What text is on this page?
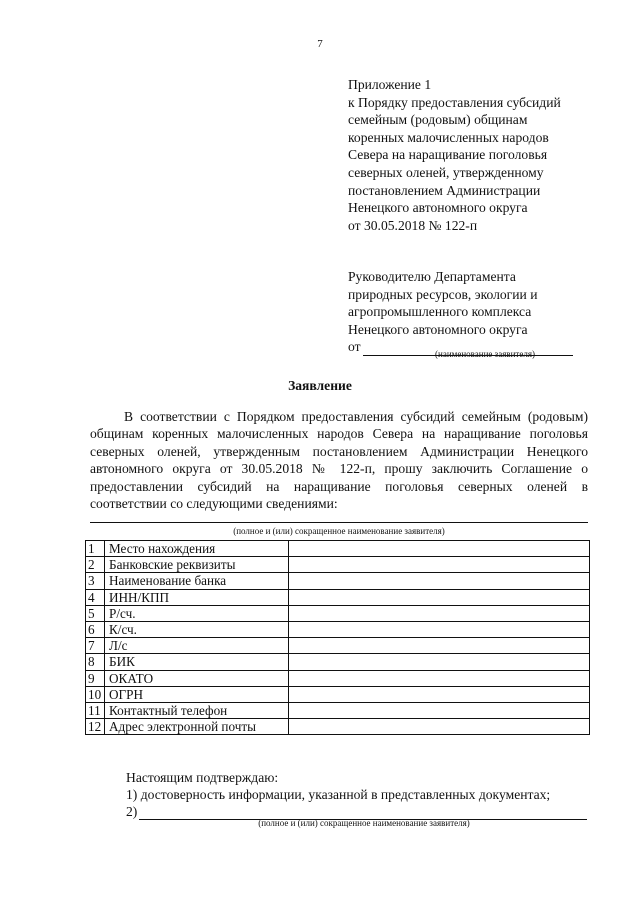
7
Приложение 1
к Порядку предоставления субсидий
семейным (родовым) общинам
коренных малочисленных народов
Севера на наращивание поголовья
северных оленей, утвержденному
постановлением Администрации
Ненецкого автономного округа
от 30.05.2018 № 122-п
Руководителю Департамента
природных ресурсов, экологии и
агропромышленного комплекса
Ненецкого автономного округа
от	(наименование заявителя)
Заявление
В соответствии с Порядком предоставления субсидий семейным (родовым) общинам коренных малочисленных народов Севера на наращивание поголовья северных оленей, утвержденным постановлением Администрации Ненецкого автономного округа от 30.05.2018 № 122-п, прошу заключить Соглашение о предоставлении субсидий на наращивание поголовья северных оленей в соответствии со следующими сведениями:
(полное и (или) сокращенное наименование заявителя)
1	Место нахождения	
2	Банковские реквизиты	
3	Наименование банка	
4	ИНН/КПП	
5	Р/сч.	
6	К/сч.	
7	Л/с	
8	БИК	
9	ОКАТО	
10	ОГРН	
11	Контактный телефон	
12	Адрес электронной почты	
Настоящим подтверждаю:
1) достоверность информации, указанной в представленных документах;
2)
(полное и (или) сокращенное наименование заявителя)
